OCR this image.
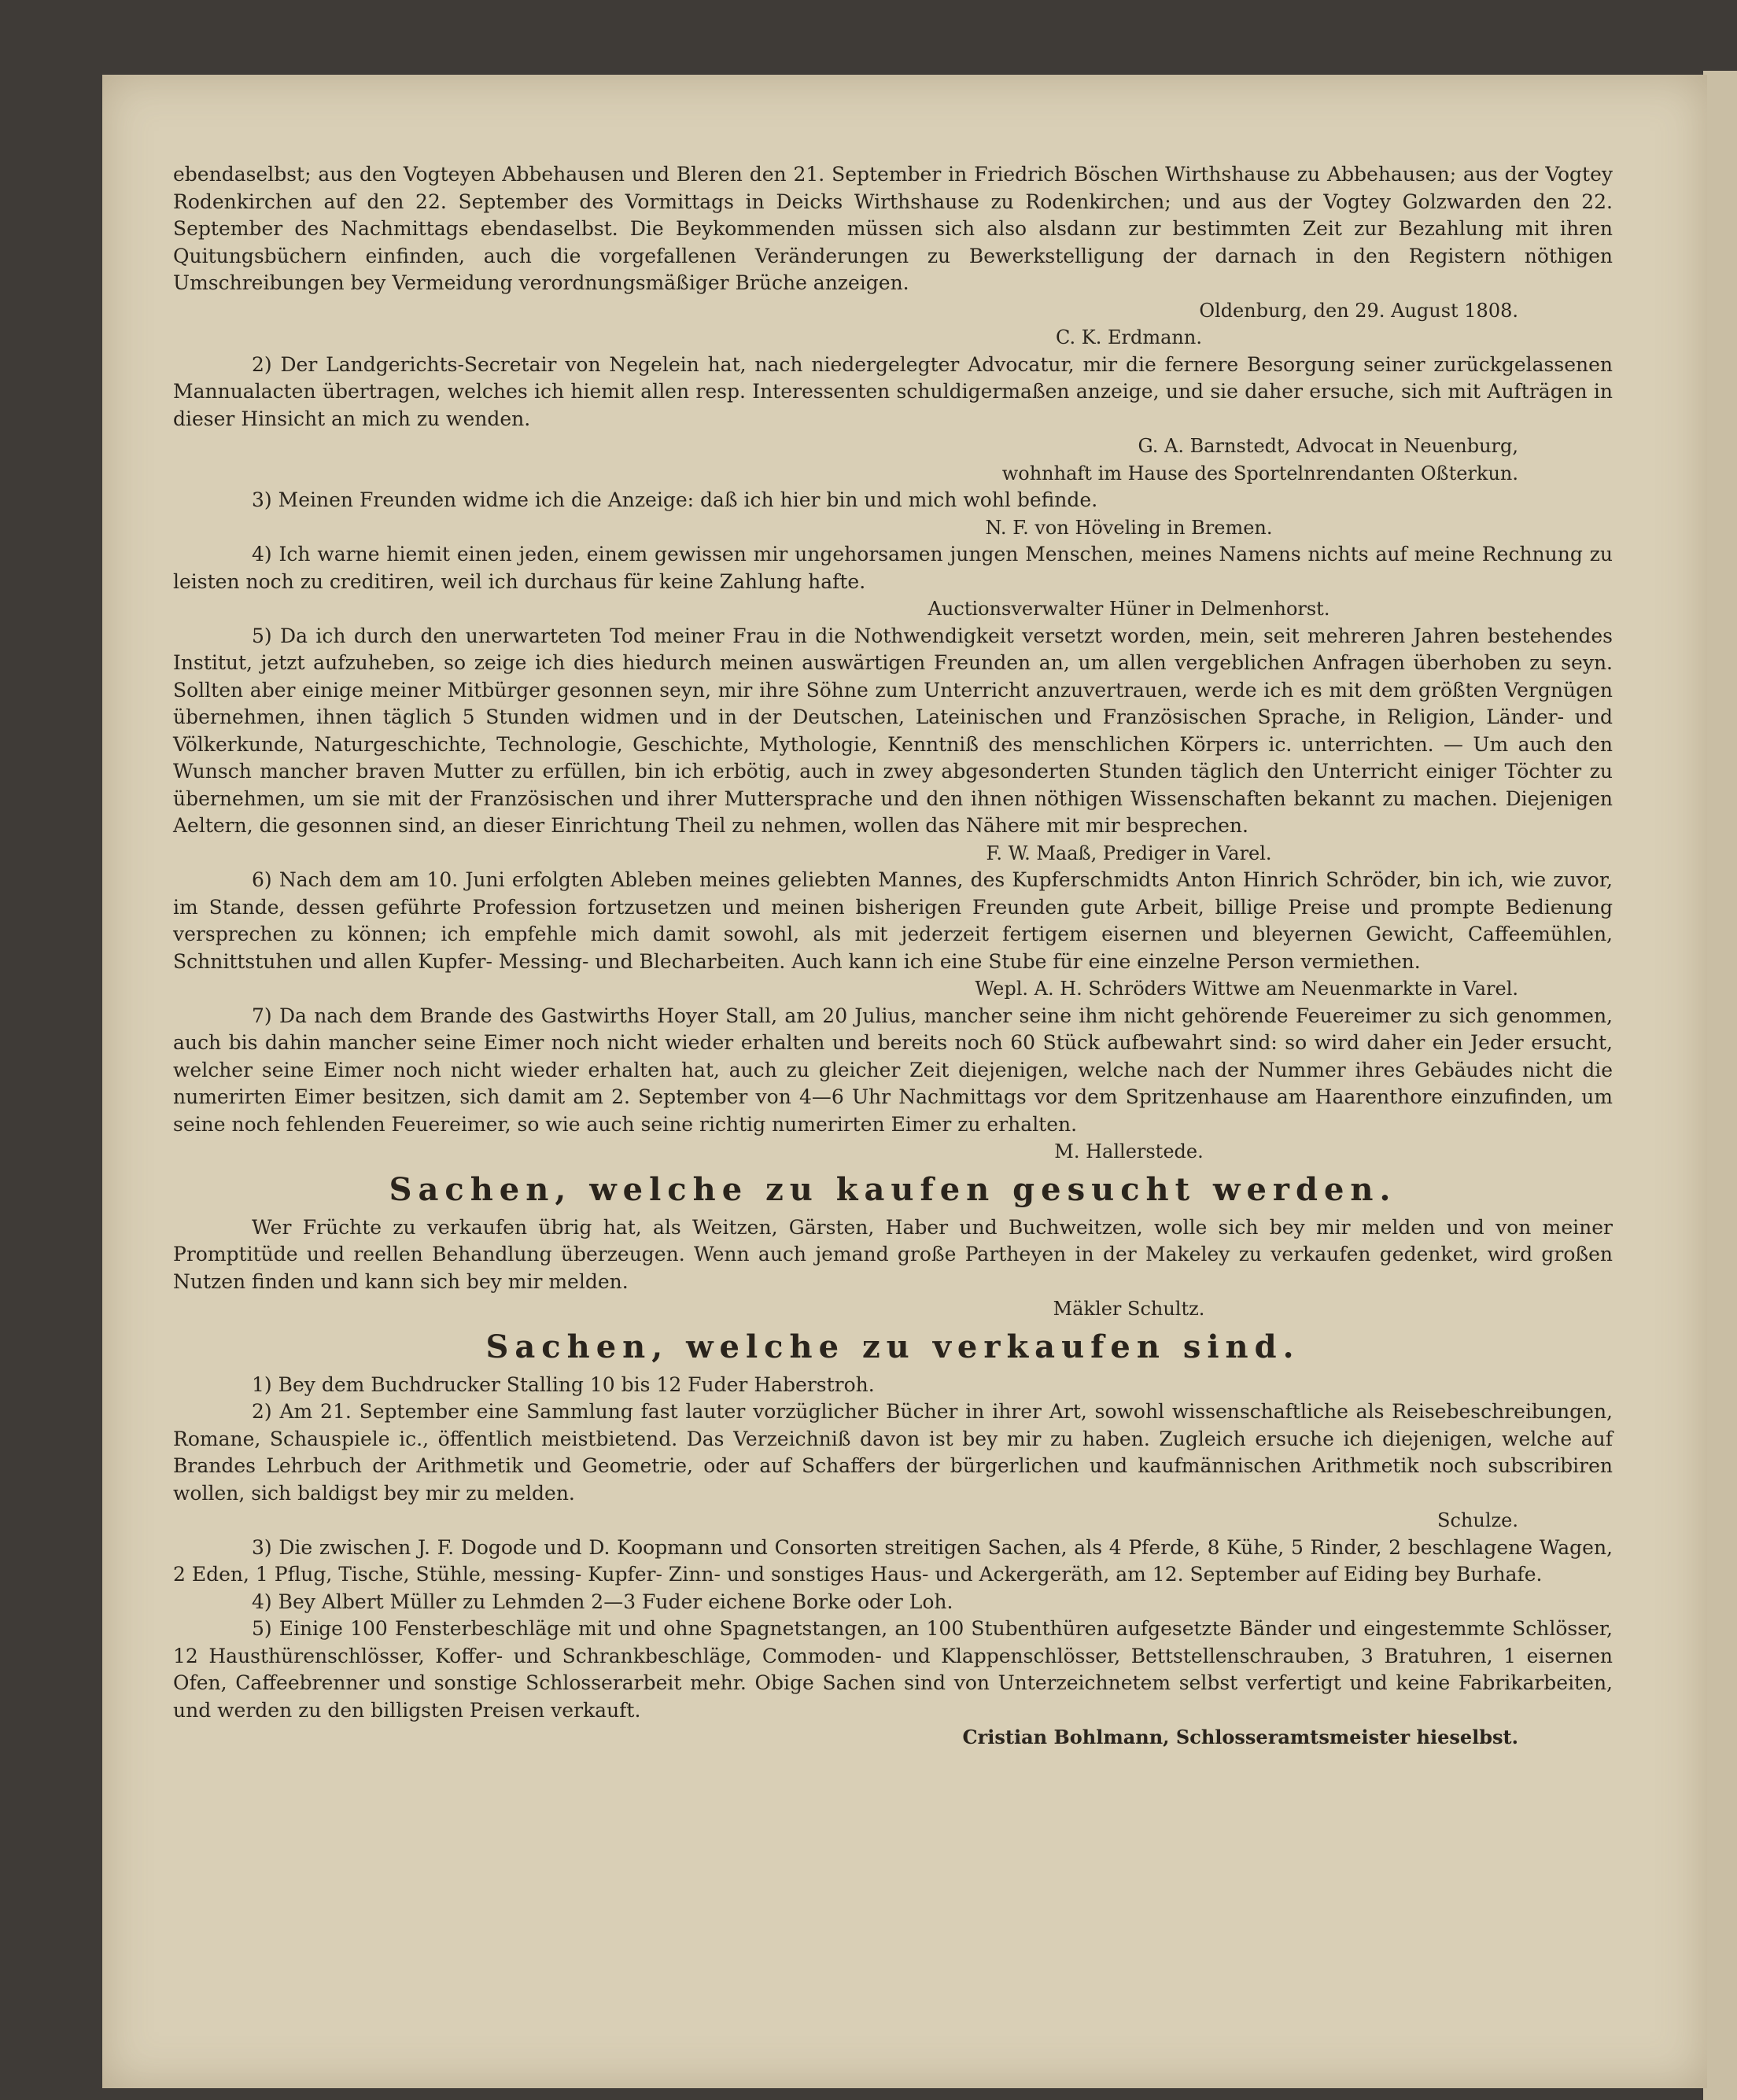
ebendaselbst; aus den Vogteyen Abbehausen und Bleren den 21. September in Friedrich Böschen Wirthshause zu Abbehausen; aus der Vogtey Rodenkirchen auf den 22. September des Vormittags in Deicks Wirthshause zu Rodenkirchen; und aus der Vogtey Golzwarden den 22. September des Nachmittags ebendaselbst. Die Beykommenden müssen sich also alsdann zur bestimmten Zeit zur Bezahlung mit ihren Quitungsbüchern einfinden, auch die vorgefallenen Veränderungen zu Bewerkstelligung der darnach in den Registern nöthigen Umschreibungen bey Vermeidung verordnungsmäßiger Brüche anzeigen.

Oldenburg, den 29. August 1808.

C. K. Erdmann.

2) Der Landgerichts-Secretair von Negelein hat, nach niedergelegter Advocatur, mir die fernere Besorgung seiner zurückgelassenen Mannualacten übertragen, welches ich hiemit allen resp. Interessenten schuldigermaßen anzeige, und sie daher ersuche, sich mit Aufträgen in dieser Hinsicht an mich zu wenden.

G. A. Barnstedt, Advocat in Neuenburg,

wohnhaft im Hause des Sportelnrendanten Oßterkun.

3) Meinen Freunden widme ich die Anzeige: daß ich hier bin und mich wohl befinde.

N. F. von Höveling in Bremen.

4) Ich warne hiemit einen jeden, einem gewissen mir ungehorsamen jungen Menschen, meines Namens nichts auf meine Rechnung zu leisten noch zu creditiren, weil ich durchaus für keine Zahlung hafte.

Auctionsverwalter Hüner in Delmenhorst.

5) Da ich durch den unerwarteten Tod meiner Frau in die Nothwendigkeit versetzt worden, mein, seit mehreren Jahren bestehendes Institut, jetzt aufzuheben, so zeige ich dies hiedurch meinen auswärtigen Freunden an, um allen vergeblichen Anfragen überhoben zu seyn. Sollten aber einige meiner Mitbürger gesonnen seyn, mir ihre Söhne zum Unterricht anzuvertrauen, werde ich es mit dem größten Vergnügen übernehmen, ihnen täglich 5 Stunden widmen und in der Deutschen, Lateinischen und Französischen Sprache, in Religion, Länder- und Völkerkunde, Naturgeschichte, Technologie, Geschichte, Mythologie, Kenntniß des menschlichen Körpers ic. unterrichten. — Um auch den Wunsch mancher braven Mutter zu erfüllen, bin ich erbötig, auch in zwey abgesonderten Stunden täglich den Unterricht einiger Töchter zu übernehmen, um sie mit der Französischen und ihrer Muttersprache und den ihnen nöthigen Wissenschaften bekannt zu machen. Diejenigen Aeltern, die gesonnen sind, an dieser Einrichtung Theil zu nehmen, wollen das Nähere mit mir besprechen.

F. W. Maaß, Prediger in Varel.

6) Nach dem am 10. Juni erfolgten Ableben meines geliebten Mannes, des Kupferschmidts Anton Hinrich Schröder, bin ich, wie zuvor, im Stande, dessen geführte Profession fortzusetzen und meinen bisherigen Freunden gute Arbeit, billige Preise und prompte Bedienung versprechen zu können; ich empfehle mich damit sowohl, als mit jederzeit fertigem eisernen und bleyernen Gewicht, Caffeemühlen, Schnittstuhen und allen Kupfer- Messing- und Blecharbeiten. Auch kann ich eine Stube für eine einzelne Person vermiethen.

Wepl. A. H. Schröders Wittwe am Neuenmarkte in Varel.

7) Da nach dem Brande des Gastwirths Hoyer Stall, am 20 Julius, mancher seine ihm nicht gehörende Feuereimer zu sich genommen, auch bis dahin mancher seine Eimer noch nicht wieder erhalten und bereits noch 60 Stück aufbewahrt sind: so wird daher ein Jeder ersucht, welcher seine Eimer noch nicht wieder erhalten hat, auch zu gleicher Zeit diejenigen, welche nach der Nummer ihres Gebäudes nicht die numerirten Eimer besitzen, sich damit am 2. September von 4—6 Uhr Nachmittags vor dem Spritzenhause am Haarenthore einzufinden, um seine noch fehlenden Feuereimer, so wie auch seine richtig numerirten Eimer zu erhalten.

M. Hallerstede.

Sachen, welche zu kaufen gesucht werden.

Wer Früchte zu verkaufen übrig hat, als Weitzen, Gärsten, Haber und Buchweitzen, wolle sich bey mir melden und von meiner Promptitüde und reellen Behandlung überzeugen. Wenn auch jemand große Partheyen in der Makeley zu verkaufen gedenket, wird großen Nutzen finden und kann sich bey mir melden.

Mäkler Schultz.

Sachen, welche zu verkaufen sind.

1) Bey dem Buchdrucker Stalling 10 bis 12 Fuder Haberstroh.

2) Am 21. September eine Sammlung fast lauter vorzüglicher Bücher in ihrer Art, sowohl wissenschaftliche als Reisebeschreibungen, Romane, Schauspiele ic., öffentlich meistbietend. Das Verzeichniß davon ist bey mir zu haben. Zugleich ersuche ich diejenigen, welche auf Brandes Lehrbuch der Arithmetik und Geometrie, oder auf Schaffers der bürgerlichen und kaufmännischen Arithmetik noch subscribiren wollen, sich baldigst bey mir zu melden.

Schulze.

3) Die zwischen J. F. Dogode und D. Koopmann und Consorten streitigen Sachen, als 4 Pferde, 8 Kühe, 5 Rinder, 2 beschlagene Wagen, 2 Eden, 1 Pflug, Tische, Stühle, messing- Kupfer- Zinn- und sonstiges Haus- und Ackergeräth, am 12. September auf Eiding bey Burhafe.

4) Bey Albert Müller zu Lehmden 2—3 Fuder eichene Borke oder Loh.

5) Einige 100 Fensterbeschläge mit und ohne Spagnetstangen, an 100 Stubenthüren aufgesetzte Bänder und eingestemmte Schlösser, 12 Hausthürenschlösser, Koffer- und Schrankbeschläge, Commoden- und Klappenschlösser, Bettstellenschrauben, 3 Bratuhren, 1 eisernen Ofen, Caffeebrenner und sonstige Schlosserarbeit mehr. Obige Sachen sind von Unterzeichnetem selbst verfertigt und keine Fabrikarbeiten, und werden zu den billigsten Preisen verkauft.

Cristian Bohlmann, Schlosseramtsmeister hieselbst.
